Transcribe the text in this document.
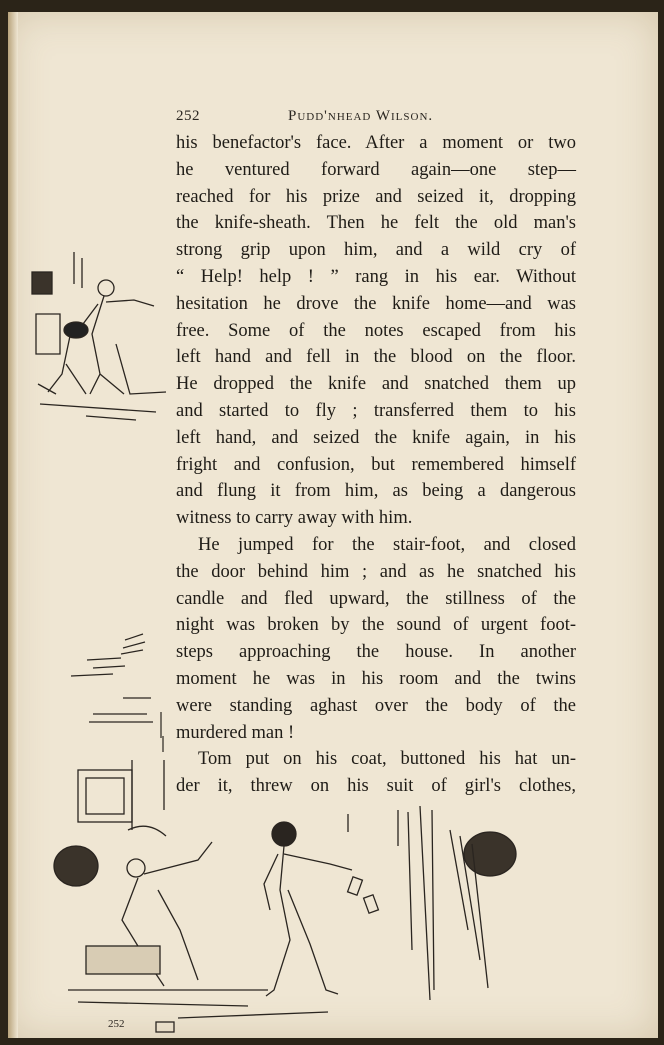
252	Pudd'nhead Wilson.
252
his benefactor's face. After a moment or two
he ventured forward again—one step—
reached for his prize and seized it, dropping
the knife-sheath. Then he felt the old man's
strong grip upon him, and a wild cry of
“ Help! help ! ” rang in his ear. Without
hesitation he drove the knife home—and was
free. Some of the notes escaped from his
left hand and fell in the blood on the floor.
He dropped the knife and snatched them up
and started to fly ; transferred them to his
left hand, and seized the knife again, in his
fright and confusion, but remembered himself
and flung it from him, as being a dangerous
witness to carry away with him.
He jumped for the stair-foot, and closed
the door behind him ; and as he snatched his
candle and fled upward, the stillness of the
night was broken by the sound of urgent foot-
steps approaching the house. In another
moment he was in his room and the twins
were standing aghast over the body of the
murdered man !
Tom put on his coat, buttoned his hat un-
der it, threw on his suit of girl's clothes,
